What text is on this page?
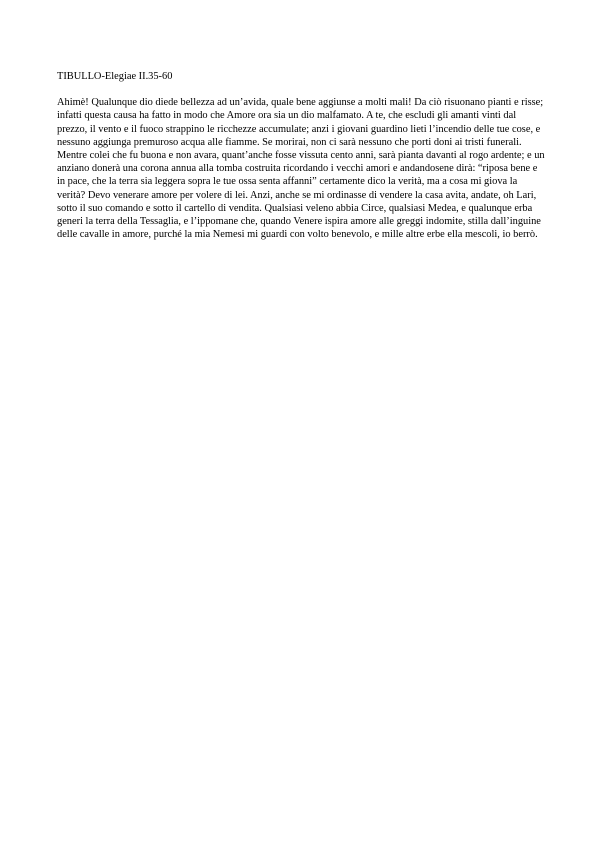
TIBULLO-Elegiae II.35-60

Ahimè! Qualunque dio diede bellezza ad un’avida, quale bene aggiunse a molti mali! Da ciò risuonano pianti e risse; infatti questa causa ha fatto in modo che Amore ora sia un dio malfamato. A te, che escludi gli amanti vinti dal prezzo, il vento e il fuoco strappino le ricchezze accumulate; anzi i giovani guardino lieti l’incendio delle tue cose, e nessuno aggiunga premuroso acqua alle fiamme. Se morirai, non ci sarà nessuno che porti doni ai tristi funerali. Mentre colei che fu buona e non avara, quant’anche fosse vissuta cento anni, sarà pianta davanti al rogo ardente; e un anziano donerà una corona annua alla tomba costruita ricordando i vecchi amori e andandosene dirà: “riposa bene e in pace, che la terra sia leggera sopra le tue ossa senta affanni” certamente dico la verità, ma a cosa mi giova la verità? Devo venerare amore per volere di lei. Anzi, anche se mi ordinasse di vendere la casa avita, andate, oh Lari, sotto il suo comando e sotto il cartello di vendita. Qualsiasi veleno abbia Circe, qualsiasi Medea, e qualunque erba generi la terra della Tessaglia, e l’ippomane che, quando Venere ispira amore alle greggi indomite, stilla dall’inguine delle cavalle in amore, purché la mia Nemesi mi guardi con volto benevolo, e mille altre erbe ella mescoli, io berrò.
